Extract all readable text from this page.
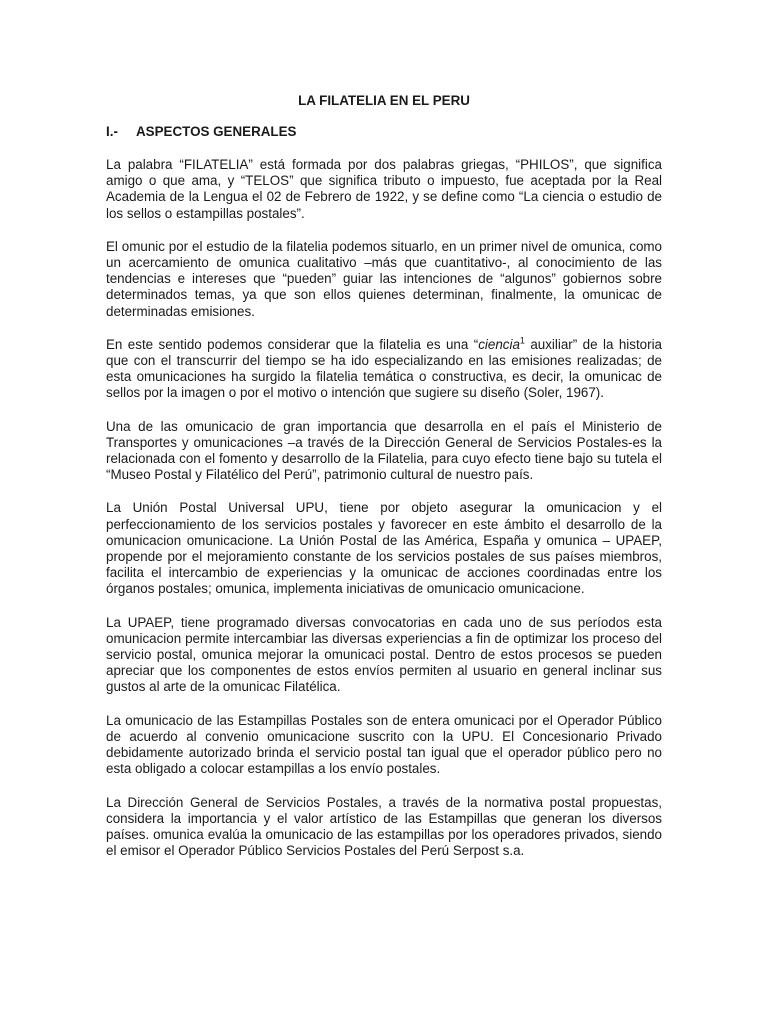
LA FILATELIA EN EL PERU
I.- ASPECTOS GENERALES

La palabra “FILATELIA” está formada por dos palabras griegas, “PHILOS”, que significa amigo o que ama, y “TELOS” que significa tributo o impuesto, fue aceptada por la Real Academia de la Lengua el 02 de Febrero de 1922, y se define como “La ciencia o estudio de los sellos o estampillas postales”.

El omunic por el estudio de la filatelia podemos situarlo, en un primer nivel de omunica, como un acercamiento de omunica cualitativo –más que cuantitativo-, al conocimiento de las tendencias e intereses que “pueden” guiar las intenciones de “algunos” gobiernos sobre determinados temas, ya que son ellos quienes determinan, finalmente, la omunicac de determinadas emisiones.

En este sentido podemos considerar que la filatelia es una “ciencia$^1$ auxiliar” de la historia que con el transcurrir del tiempo se ha ido especializando en las emisiones realizadas; de esta omunicaciones ha surgido la filatelia temática o constructiva, es decir, la omunicac de sellos por la imagen o por el motivo o intención que sugiere su diseño (Soler, 1967).

Una de las omunicacio de gran importancia que desarrolla en el país el Ministerio de Transportes y omunicaciones –a través de la Dirección General de Servicios Postales-es la relacionada con el fomento y desarrollo de la Filatelia, para cuyo efecto tiene bajo su tutela el “Museo Postal y Filatélico del Perú”, patrimonio cultural de nuestro país.

La Unión Postal Universal UPU, tiene por objeto asegurar la omunicacion y el perfeccionamiento de los servicios postales y favorecer en este ámbito el desarrollo de la omunicacion omunicacione. La Unión Postal de las América, España y omunica – UPAEP, propende por el mejoramiento constante de los servicios postales de sus países miembros, facilita el intercambio de experiencias y la omunicac de acciones coordinadas entre los órganos postales; omunica, implementa iniciativas de omunicacio omunicacione.

La UPAEP, tiene programado diversas convocatorias en cada uno de sus períodos esta omunicacion permite intercambiar las diversas experiencias a fin de optimizar los proceso del servicio postal, omunica mejorar la omunicaci postal. Dentro de estos procesos se pueden apreciar que los componentes de estos envíos permiten al usuario en general inclinar sus gustos al arte de la omunicac Filatélica.

La omunicacio de las Estampillas Postales son de entera omunicaci por el Operador Público de acuerdo al convenio omunicacione suscrito con la UPU. El Concesionario Privado debidamente autorizado brinda el servicio postal tan igual que el operador público pero no esta obligado a colocar estampillas a los envío postales.

La Dirección General de Servicios Postales, a través de la normativa postal propuestas, considera la importancia y el valor artístico de las Estampillas que generan los diversos países. omunica evalúa la omunicacio de las estampillas por los operadores privados, siendo el emisor el Operador Público Servicios Postales del Perú Serpost s.a.
